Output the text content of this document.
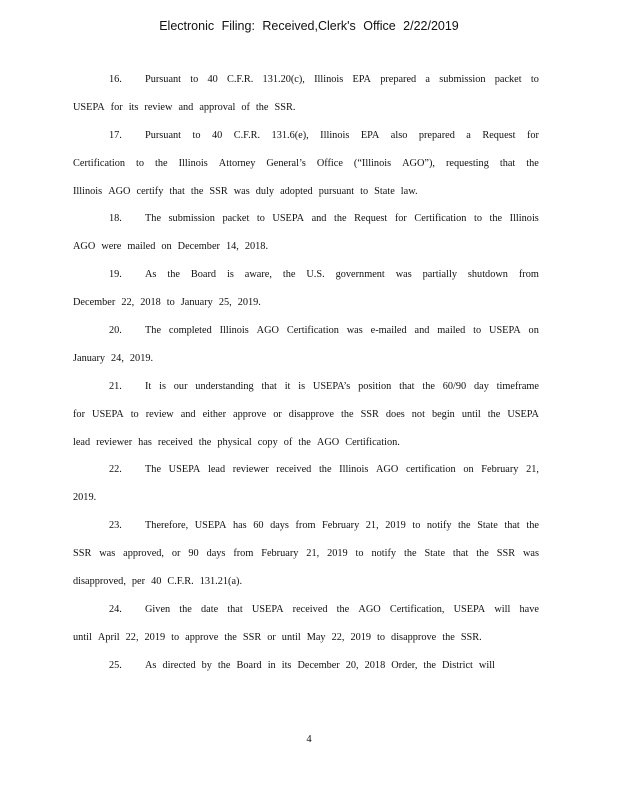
Electronic Filing: Received,Clerk's Office 2/22/2019
16.	Pursuant to 40 C.F.R. 131.20(c), Illinois EPA prepared a submission packet to
USEPA for its review and approval of the SSR.
17.	Pursuant to 40 C.F.R. 131.6(e), Illinois EPA also prepared a Request for
Certification to the Illinois Attorney General’s Office (“Illinois AGO”), requesting that the
Illinois AGO certify that the SSR was duly adopted pursuant to State law.
18.	The submission packet to USEPA and the Request for Certification to the Illinois
AGO were mailed on December 14, 2018.
19.	As the Board is aware, the U.S. government was partially shutdown from
December 22, 2018 to January 25, 2019.
20.	The completed Illinois AGO Certification was e-mailed and mailed to USEPA on
January 24, 2019.
21.	It is our understanding that it is USEPA’s position that the 60/90 day timeframe
for USEPA to review and either approve or disapprove the SSR does not begin until the USEPA
lead reviewer has received the physical copy of the AGO Certification.
22.	The USEPA lead reviewer received the Illinois AGO certification on February 21,
2019.
23.	Therefore, USEPA has 60 days from February 21, 2019 to notify the State that the
SSR was approved, or 90 days from February 21, 2019 to notify the State that the SSR was
disapproved, per 40 C.F.R. 131.21(a).
24.	Given the date that USEPA received the AGO Certification, USEPA will have
until April 22, 2019 to approve the SSR or until May 22, 2019 to disapprove the SSR.
25.	As directed by the Board in its December 20, 2018 Order, the District will
4
